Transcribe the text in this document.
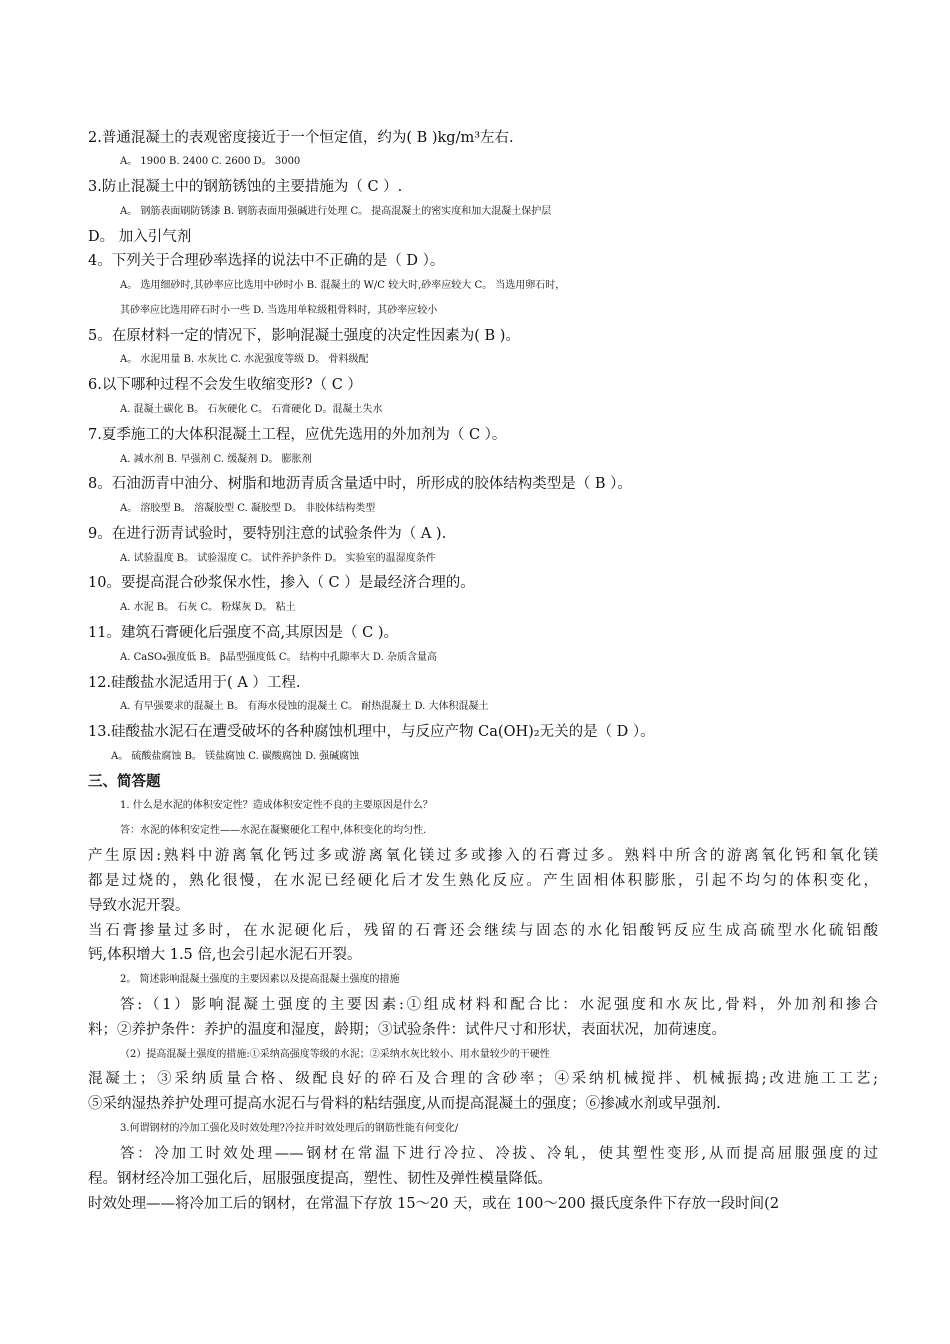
2.普通混凝土的表观密度接近于一个恒定值，约为( B )kg/m³左右.
A。 1900 B. 2400 C. 2600 D。 3000
3.防止混凝土中的钢筋锈蚀的主要措施为（ C ）.
A。 钢筋表面刷防锈漆 B. 钢筋表面用强碱进行处理 C。 提高混凝土的密实度和加大混凝土保护层
D。 加入引气剂
4。下列关于合理砂率选择的说法中不正确的是（ D ）。
A。 选用细砂时,其砂率应比选用中砂时小 B. 混凝土的 W/C 较大时,砂率应较大 C。 当选用卵石时，
其砂率应比选用碎石时小一些 D. 当选用单粒级粗骨料时，其砂率应较小
5。在原材料一定的情况下，影响混凝土强度的决定性因素为( B )。
A。 水泥用量 B. 水灰比 C. 水泥强度等级 D。 骨料级配
6.以下哪种过程不会发生收缩变形?（ C ）
A. 混凝土碳化 B。 石灰硬化 C。 石膏硬化 D。混凝土失水
7.夏季施工的大体积混凝土工程，应优先选用的外加剂为（ C ）。
A. 减水剂 B. 早强剂 C. 缓凝剂 D。 膨胀剂
8。石油沥青中油分、树脂和地沥青质含量适中时，所形成的胶体结构类型是（ B ）。
A。 溶胶型 B。 溶凝胶型 C. 凝胶型 D。 非胶体结构类型
9。在进行沥青试验时，要特别注意的试验条件为（ A ).
A. 试验温度 B。 试验湿度 C。 试件养护条件 D。 实验室的温湿度条件
10。要提高混合砂浆保水性，掺入（ C ）是最经济合理的。
A. 水泥 B。 石灰 C。 粉煤灰 D。 粘土
11。建筑石膏硬化后强度不高,其原因是（ C )。
A. CaSO₄强度低 B。 β晶型强度低 C。 结构中孔隙率大 D. 杂质含量高
12.硅酸盐水泥适用于( A ）工程.
A. 有早强要求的混凝土 B。 有海水侵蚀的混凝土 C。 耐热混凝土 D. 大体积混凝土
13.硅酸盐水泥石在遭受破坏的各种腐蚀机理中，与反应产物 Ca(OH)₂无关的是（ D ）。
A。 硫酸盐腐蚀 B。 镁盐腐蚀 C. 碳酸腐蚀 D. 强碱腐蚀
三、简答题
1. 什么是水泥的体积安定性？造成体积安定性不良的主要原因是什么？
答：水泥的体积安定性——水泥在凝聚硬化工程中,体积变化的均匀性.
产生原因:熟料中游离氧化钙过多或游离氧化镁过多或掺入的石膏过多。熟料中所含的游离氧化钙和氧化镁
都是过烧的，熟化很慢，在水泥已经硬化后才发生熟化反应。产生固相体积膨胀，引起不均匀的体积变化，
导致水泥开裂。
当石膏掺量过多时，在水泥硬化后，残留的石膏还会继续与固态的水化铝酸钙反应生成高硫型水化硫铝酸
钙,体积增大 1.5 倍,也会引起水泥石开裂。
2。 简述影响混凝土强度的主要因素以及提高混凝土强度的措施
答:（1）影响混凝土强度的主要因素:①组成材料和配合比：水泥强度和水灰比,骨料，外加剂和掺合
料；②养护条件：养护的温度和湿度，龄期；③试验条件：试件尺寸和形状，表面状况，加荷速度。
（2）提高混凝土强度的措施:①采纳高强度等级的水泥；②采纳水灰比较小、用水量较少的干硬性
混凝土；③采纳质量合格、级配良好的碎石及合理的含砂率；④采纳机械搅拌、机械振捣;改进施工工艺;
⑤采纳湿热养护处理可提高水泥石与骨料的粘结强度,从而提高混凝土的强度；⑥掺减水剂或早强剂.
3.何谓钢材的冷加工强化及时效处理?冷拉并时效处理后的钢筋性能有何变化/
答：冷加工时效处理——钢材在常温下进行冷拉、冷拔、冷轧，使其塑性变形,从而提高屈服强度的过
程。钢材经冷加工强化后，屈服强度提高，塑性、韧性及弹性模量降低。
时效处理——将冷加工后的钢材，在常温下存放 15～20 天，或在 100～200 摄氏度条件下存放一段时间(2
